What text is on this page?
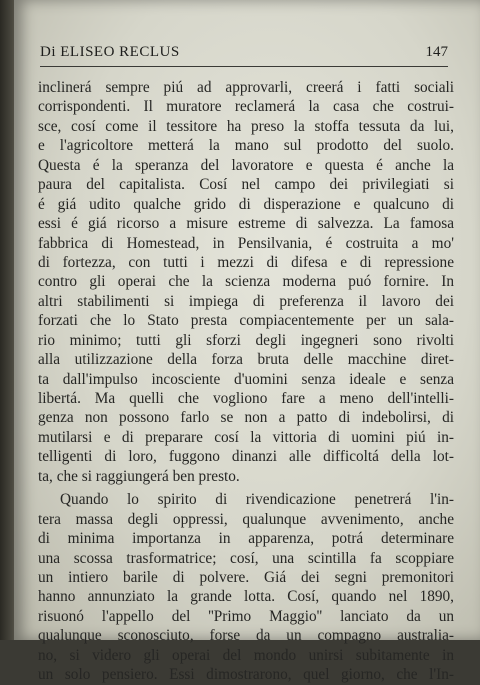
Di ELISEO RECLUS	147
inclinerá sempre piú ad approvarli, creerá i fatti sociali
corrispondenti. Il muratore reclamerá la casa che costrui-
sce, cosí come il tessitore ha preso la stoffa tessuta da lui,
e l'agricoltore metterá la mano sul prodotto del suolo.
Questa é la speranza del lavoratore e questa é anche la
paura del capitalista. Cosí nel campo dei privilegiati si
é giá udito qualche grido di disperazione e qualcuno di
essi é giá ricorso a misure estreme di salvezza. La famosa
fabbrica di Homestead, in Pensilvania, é costruita a mo'
di fortezza, con tutti i mezzi di difesa e di repressione
contro gli operai che la scienza moderna puó fornire. In
altri stabilimenti si impiega di preferenza il lavoro dei
forzati che lo Stato presta compiacentemente per un sala-
rio minimo; tutti gli sforzi degli ingegneri sono rivolti
alla utilizzazione della forza bruta delle macchine diret-
ta dall'impulso incosciente d'uomini senza ideale e senza
libertá. Ma quelli che vogliono fare a meno dell'intelli-
genza non possono farlo se non a patto di indebolirsi, di
mutilarsi e di preparare cosí la vittoria di uomini piú in-
telligenti di loro, fuggono dinanzi alle difficoltá della lot-
ta, che si raggiungerá ben presto.
Quando lo spirito di rivendicazione penetrerá l'in-
tera massa degli oppressi, qualunque avvenimento, anche
di minima importanza in apparenza, potrá determinare
una scossa trasformatrice; cosí, una scintilla fa scoppiare
un intiero barile di polvere. Giá dei segni premonitori
hanno annunziato la grande lotta. Cosí, quando nel 1890,
risuonó l'appello del ''Primo Maggio'' lanciato da un
qualunque sconosciuto, forse da un compagno australia-
no, si videro gli operai del mondo unirsi subitamente in
un solo pensiero. Essi dimostrarono, quel giorno, che l'In-
